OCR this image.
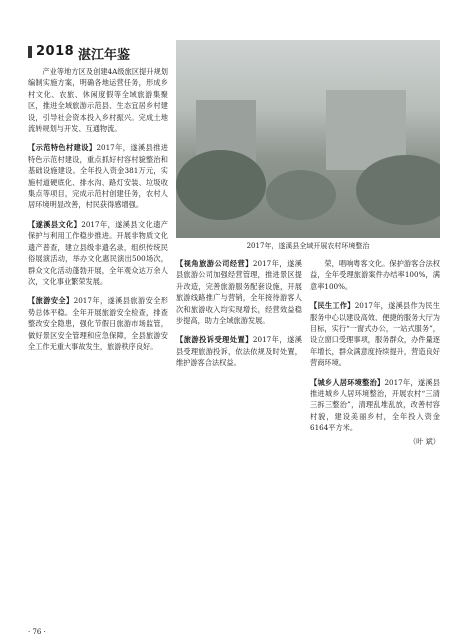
2018 湛江年鉴

产业等地方区及创建4A级旅区提升规划编制实施方案，明确各地运营任务，形成乡村文化、农旅、休闲度假等全域旅游集聚区，推进全域旅游示范县、生态宜居乡村建设，引导社会资本投入乡村振兴。完成土地流转规划与开发、互通物流。

【示范特色村建设】2017年，遂溪县推进特色示范村建设，重点抓好村容村貌整治和基础设施建设。全年投入资金381万元，实施村道硬底化、排水沟、路灯安装、垃圾收集点等项目，完成示范村创建任务，农村人居环境明显改善，村民获得感增强。

【遂溪县文化】2017年，遂溪县文化遗产保护与利用工作稳步推进。开展非物质文化遗产普查，建立县级非遗名录，组织传统民俗展演活动，举办文化惠民演出500场次，群众文化活动蓬勃开展，全年观众达万余人次，文化事业繁荣发展。

【旅游安全】2017年，遂溪县旅游安全形势总体平稳。全年开展旅游安全检查，排查整改安全隐患，强化节假日旅游市场监管，做好景区安全管理和应急保障，全县旅游安全工作无重大事故发生，旅游秩序良好。

2017年，遂溪县全域开展农村环境整治

【视角旅游公司经营】2017年，遂溪县旅游公司加强经营管理，推进景区提升改造，完善旅游服务配套设施，开展旅游线路推广与营销，全年接待游客人次和旅游收入均实现增长，经营效益稳步提高，助力全域旅游发展。

【旅游投诉受理处置】2017年，遂溪县受理旅游投诉，依法依规及时处置，维护游客合法权益。

荣，唱响粤客文化。保护游客合法权益，全年受理旅游案件办结率100%，满意率100%。

【民生工作】2017年，遂溪县作为民生服务中心以建设高效、便捷的服务大厅为目标，实行“一窗式办公，一站式服务”，设立窗口受理事项，服务群众，办件量逐年增长，群众满意度持续提升，营造良好营商环境。

【城乡人居环境整治】2017年，遂溪县推进城乡人居环境整治，开展农村“三清三拆三整治”，清理乱堆乱放，改善村容村貌，建设美丽乡村，全年投入资金6164平方米。

（叶 斌）

· 76 ·
